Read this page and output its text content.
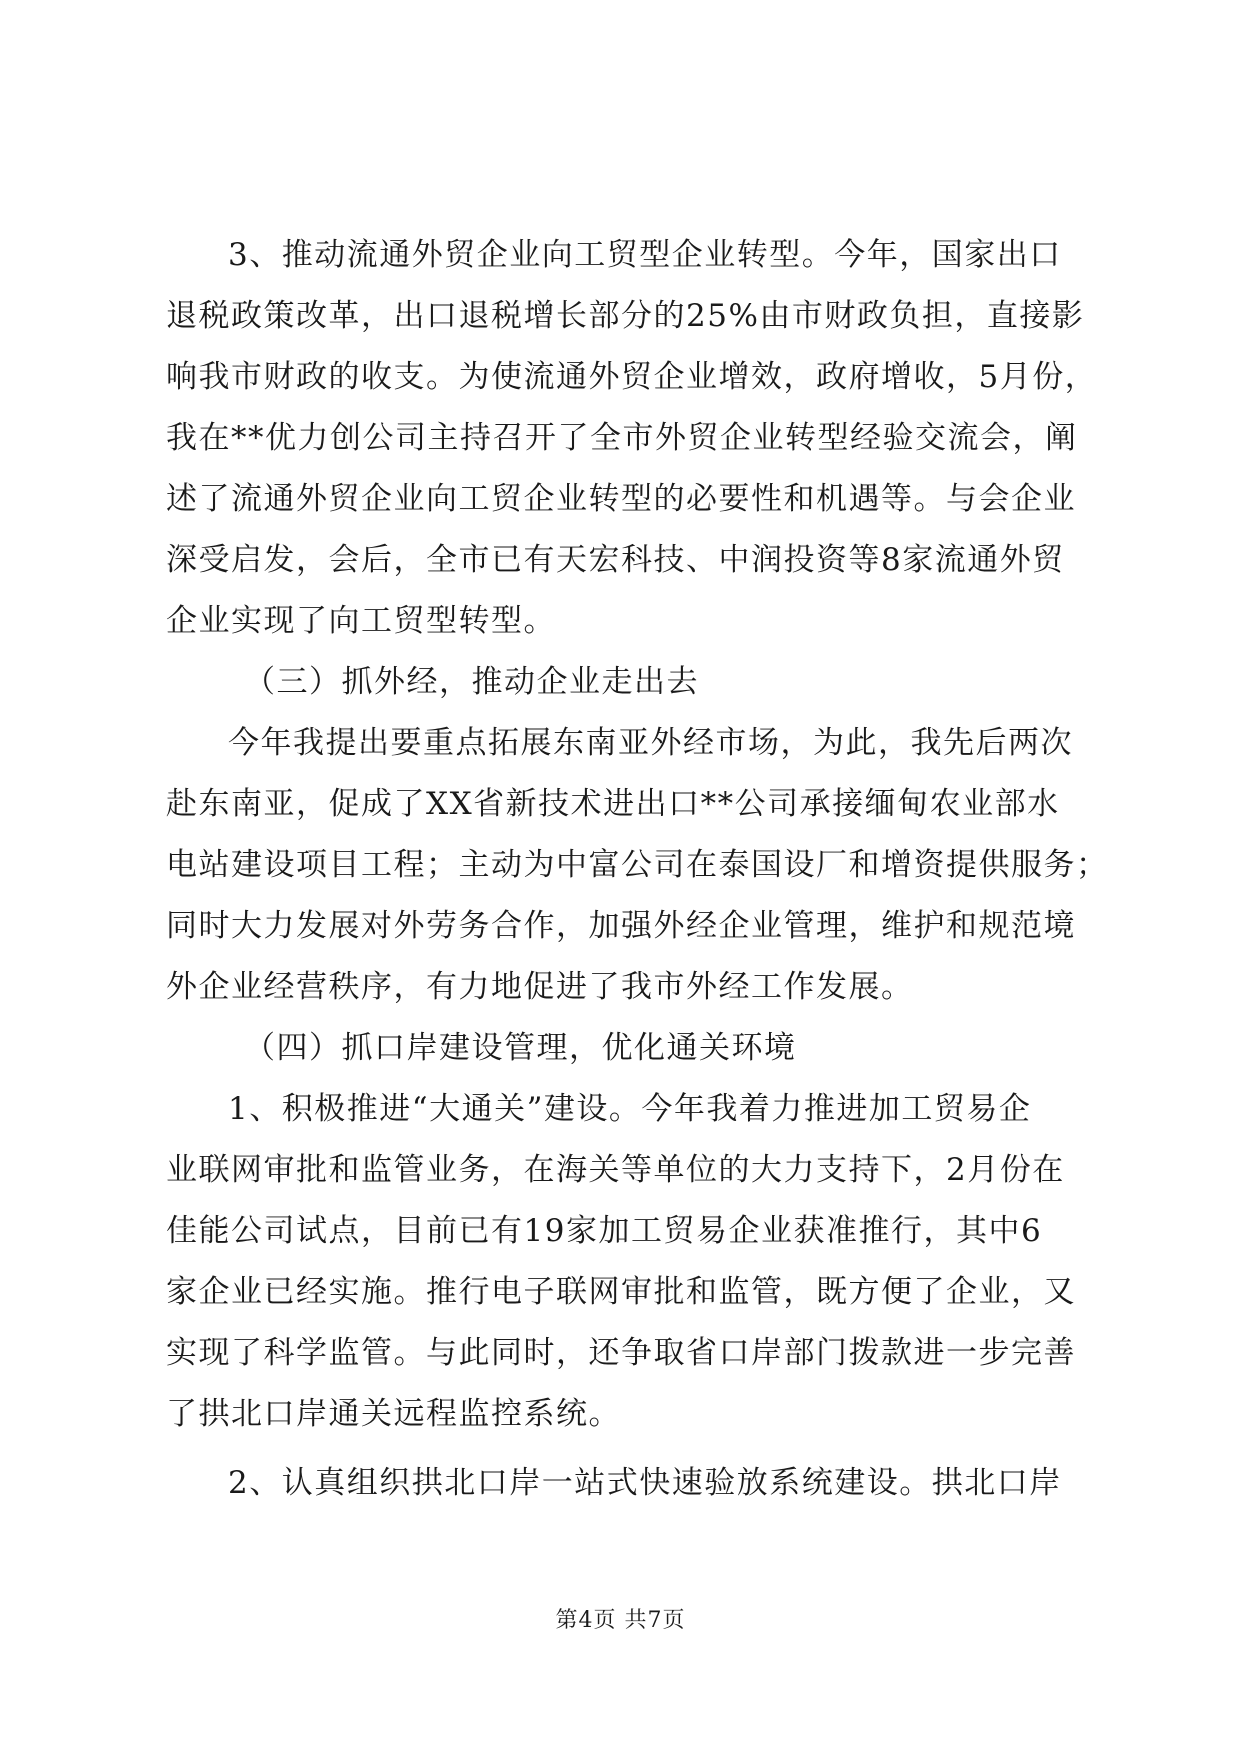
3、推动流通外贸企业向工贸型企业转型。今年，国家出口
退税政策改革，出口退税增长部分的25%由市财政负担，直接影
响我市财政的收支。为使流通外贸企业增效，政府增收，5月份，
我在**优力创公司主持召开了全市外贸企业转型经验交流会，阐
述了流通外贸企业向工贸企业转型的必要性和机遇等。与会企业
深受启发，会后，全市已有天宏科技、中润投资等8家流通外贸
企业实现了向工贸型转型。
（三）抓外经，推动企业走出去
今年我提出要重点拓展东南亚外经市场，为此，我先后两次
赴东南亚，促成了XX省新技术进出口**公司承接缅甸农业部水
电站建设项目工程；主动为中富公司在泰国设厂和增资提供服务；
同时大力发展对外劳务合作，加强外经企业管理，维护和规范境
外企业经营秩序，有力地促进了我市外经工作发展。
（四）抓口岸建设管理，优化通关环境
1、积极推进“大通关”建设。今年我着力推进加工贸易企
业联网审批和监管业务，在海关等单位的大力支持下，2月份在
佳能公司试点，目前已有19家加工贸易企业获准推行，其中6
家企业已经实施。推行电子联网审批和监管，既方便了企业，又
实现了科学监管。与此同时，还争取省口岸部门拨款进一步完善
了拱北口岸通关远程监控系统。
2、认真组织拱北口岸一站式快速验放系统建设。拱北口岸
第4页 共7页
